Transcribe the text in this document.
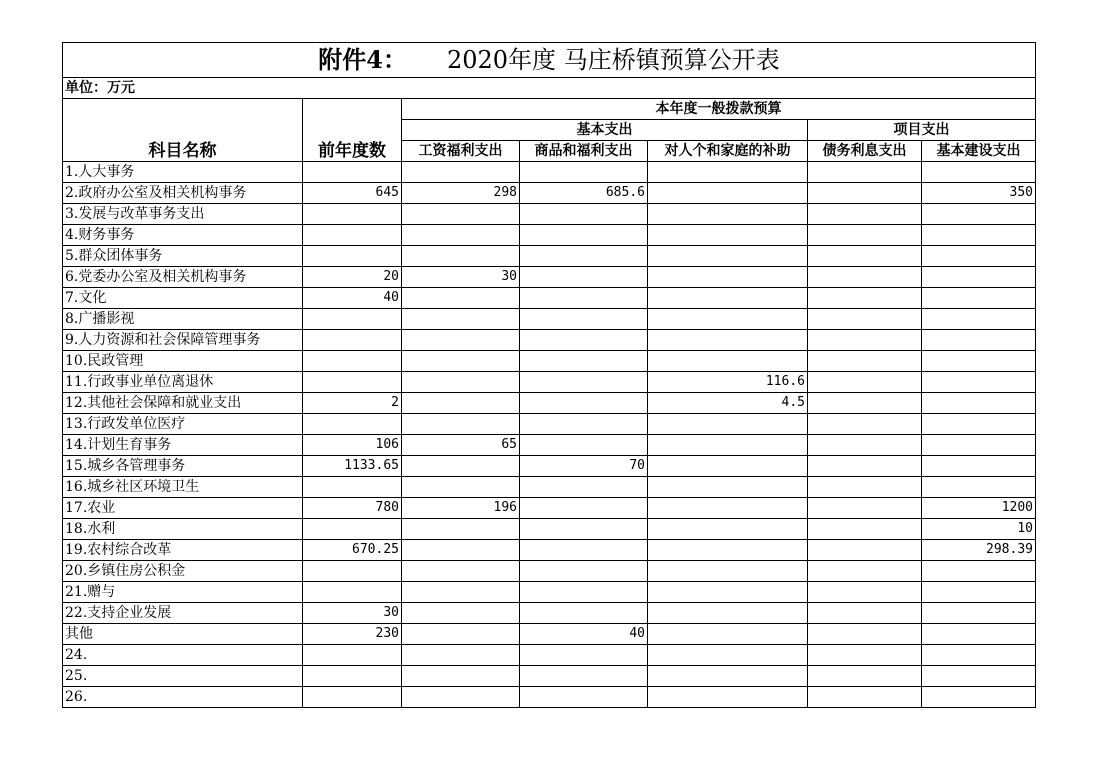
附件4： 2020年度 马庄桥镇预算公开表						
单位：万元						
科目名称	前年度数	本年度一般拨款预算				
		基本支出			项目支出	
		工资福利支出	商品和福利支出	对人个和家庭的补助	债务利息支出	基本建设支出
1.人大事务						
2.政府办公室及相关机构事务	645	298	685.6			350
3.发展与改革事务支出						
4.财务事务						
5.群众团体事务						
6.党委办公室及相关机构事务	20	30				
7.文化	40					
8.广播影视						
9.人力资源和社会保障管理事务						
10.民政管理						
11.行政事业单位离退休				116.6		
12.其他社会保障和就业支出	2			4.5		
13.行政发单位医疗						
14.计划生育事务	106	65				
15.城乡各管理事务	1133.65		70			
16.城乡社区环境卫生						
17.农业	780	196				1200
18.水利						10
19.农村综合改革	670.25					298.39
20.乡镇住房公积金						
21.赠与						
22.支持企业发展	30					
其他	230		40			
24.						
25.						
26.						
